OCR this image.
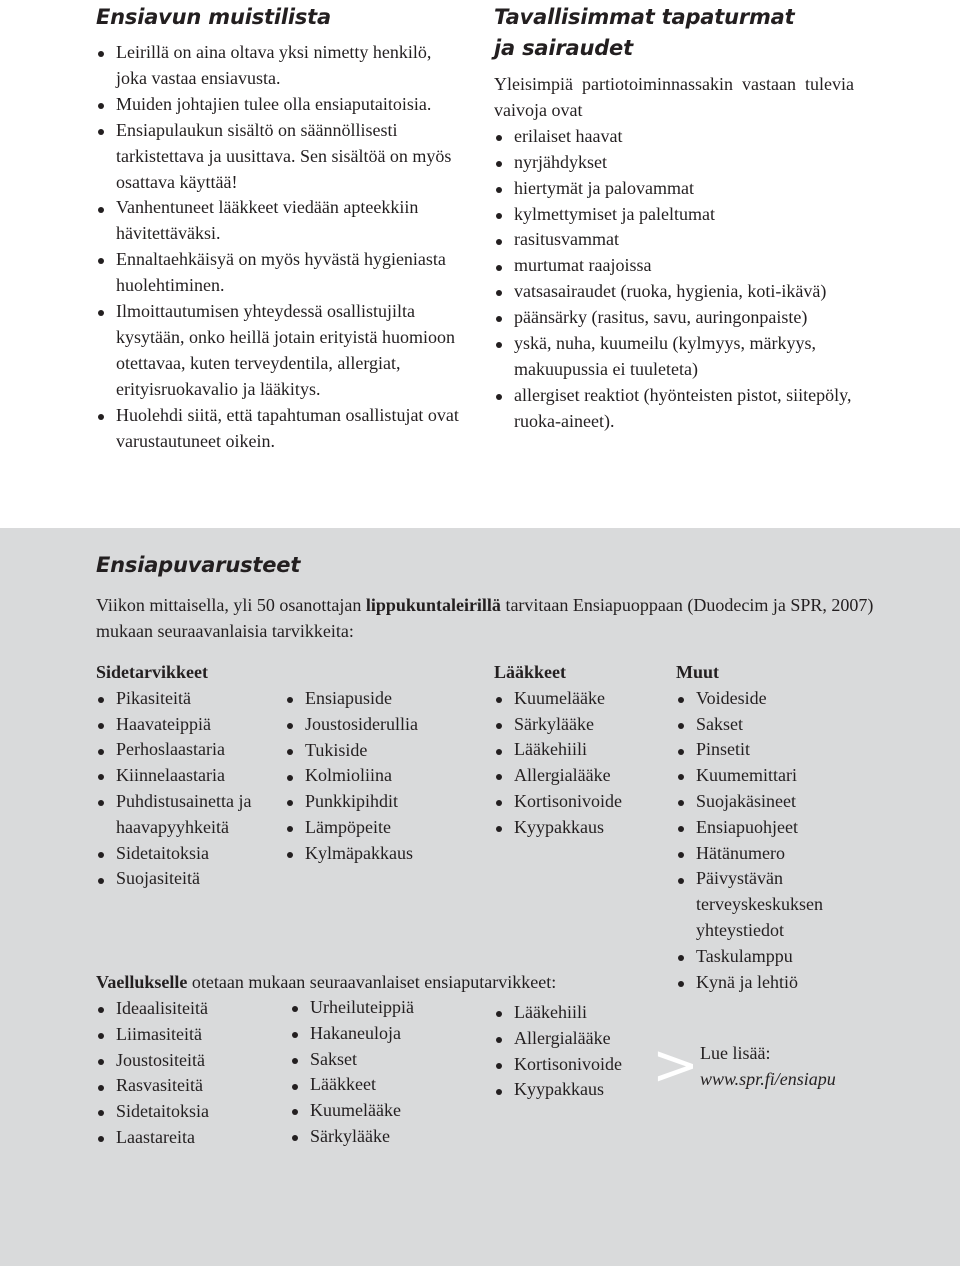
Ensiavun muistilista
Leirillä on aina oltava yksi nimetty henkilö, joka vastaa ensiavusta.
Muiden johtajien tulee olla ensiaputaitoisia.
Ensiapulaukun sisältö on säännöllisesti tarkistettava ja uusittava. Sen sisältöä on myös osattava käyttää!
Vanhentuneet lääkkeet viedään apteekkiin hävitettäväksi.
Ennaltaehkäisyä on myös hyvästä hygieniasta huolehtiminen.
Ilmoittautumisen yhteydessä osallistujilta kysytään, onko heillä jotain erityistä huomioon otettavaa, kuten terveydentila, allergiat, erityisruokavalio ja lääkitys.
Huolehdi siitä, että tapahtuman osallistujat ovat varustautuneet oikein.
Tavallisimmat tapaturmat
ja sairaudet

Yleisimpiä partiotoiminnassakin vastaan tulevia vaivoja ovat

erilaiset haavat
nyrjähdykset
hiertymät ja palovammat
kylmettymiset ja paleltumat
rasitusvammat
murtumat raajoissa
vatsasairaudet (ruoka, hygienia, koti-ikävä)
päänsärky (rasitus, savu, auringonpaiste)
yskä, nuha, kuumeilu (kylmyys, märkyys, makuupussia ei tuuleteta)
allergiset reaktiot (hyönteisten pistot, siitepöly, ruoka-aineet).
Ensiapuvarusteet

Viikon mittaisella, yli 50 osanottajan lippukuntaleirillä tarvitaan Ensiapuoppaan (Duodecim ja SPR, 2007) mukaan seuraavanlaisia tarvikkeita:

Sidetarvikkeet

Pikasiteitä
Haavateippiä
Perhoslaastaria
Kiinnelaastaria
Puhdistusainetta ja haavapyyhkeitä
Sidetaitoksia
Suojasiteitä
Ensiapuside
Joustosiderullia
Tukiside
Kolmioliina
Punkkipihdit
Lämpöpeite
Kylmäpakkaus

Lääkkeet

Kuumelääke
Särkylääke
Lääkehiili
Allergialääke
Kortisonivoide
Kyypakkaus

Muut

Voideside
Sakset
Pinsetit
Kuumemittari
Suojakäsineet
Ensiapuohjeet
Hätänumero
Päivystävän terveyskeskuksen yhteystiedot
Taskulamppu
Kynä ja lehtiö
Vaellukselle otetaan mukaan seuraavanlaiset ensiaputarvikkeet:
Ideaalisiteitä
Liimasiteitä
Joustositeitä
Rasvasiteitä
Sidetaitoksia
Laastareita
Urheiluteippiä
Hakaneuloja
Sakset
Lääkkeet
Kuumelääke
Särkylääke
Lääkehiili
Allergialääke
Kortisonivoide
Kyypakkaus > Lue lisää:
www.spr.fi/ensiapu
